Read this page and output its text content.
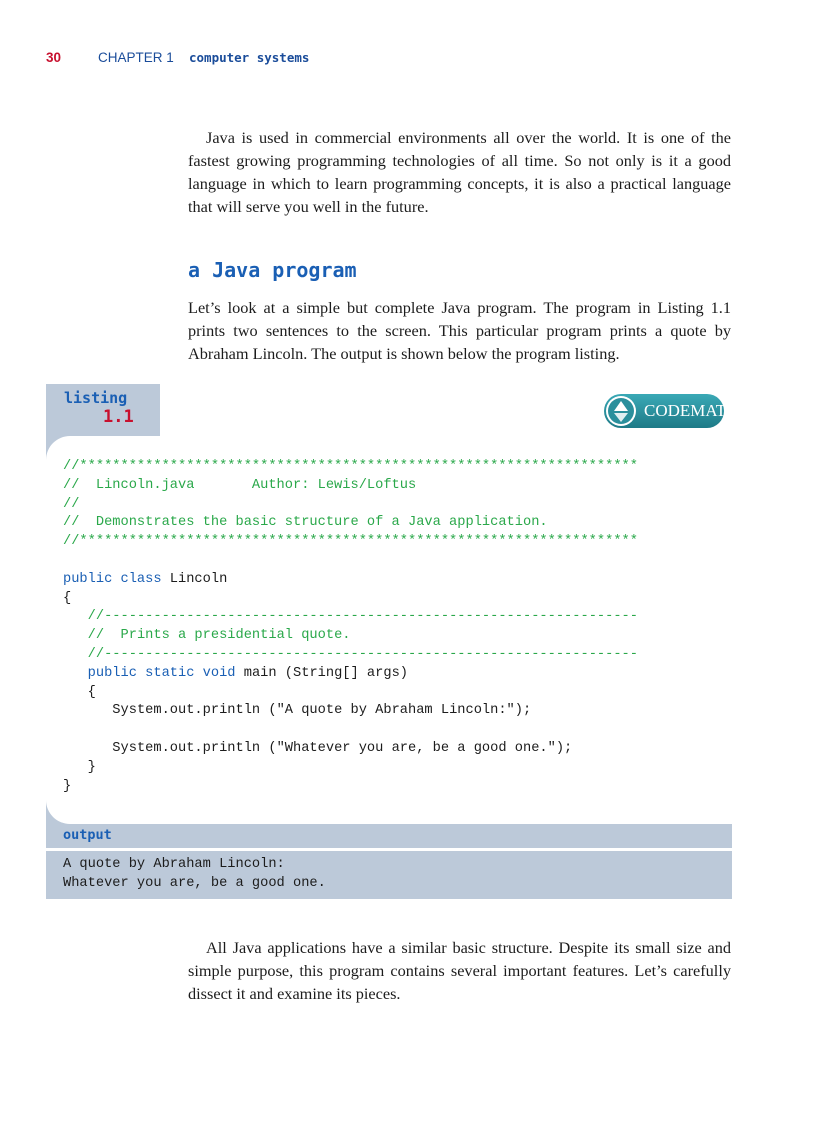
30	CHAPTER 1 computer systems

Java is used in commercial environments all over the world. It is one of the fastest growing programming technologies of all time. So not only is it a good language in which to learn programming concepts, it is also a practical language that will serve you well in the future.

a Java program

Let’s look at a simple but complete Java program. The program in Listing 1.1 prints two sentences to the screen. This particular program prints a quote by Abraham Lincoln. The output is shown below the program listing.

listing
1.1	CODEMATE
//********************************************************************
//  Lincoln.java       Author: Lewis/Loftus
//
//  Demonstrates the basic structure of a Java application.
//********************************************************************
public class Lincoln
{
//-----------------------------------------------------------------
//  Prints a presidential quote.
//-----------------------------------------------------------------
public static void main (String[] args)
{
System.out.println ("A quote by Abraham Lincoln:");
System.out.println ("Whatever you are, be a good one.");
}
}
output
A quote by Abraham Lincoln:
Whatever you are, be a good one.

All Java applications have a similar basic structure. Despite its small size and simple purpose, this program contains several important features. Let’s carefully dissect it and examine its pieces.
